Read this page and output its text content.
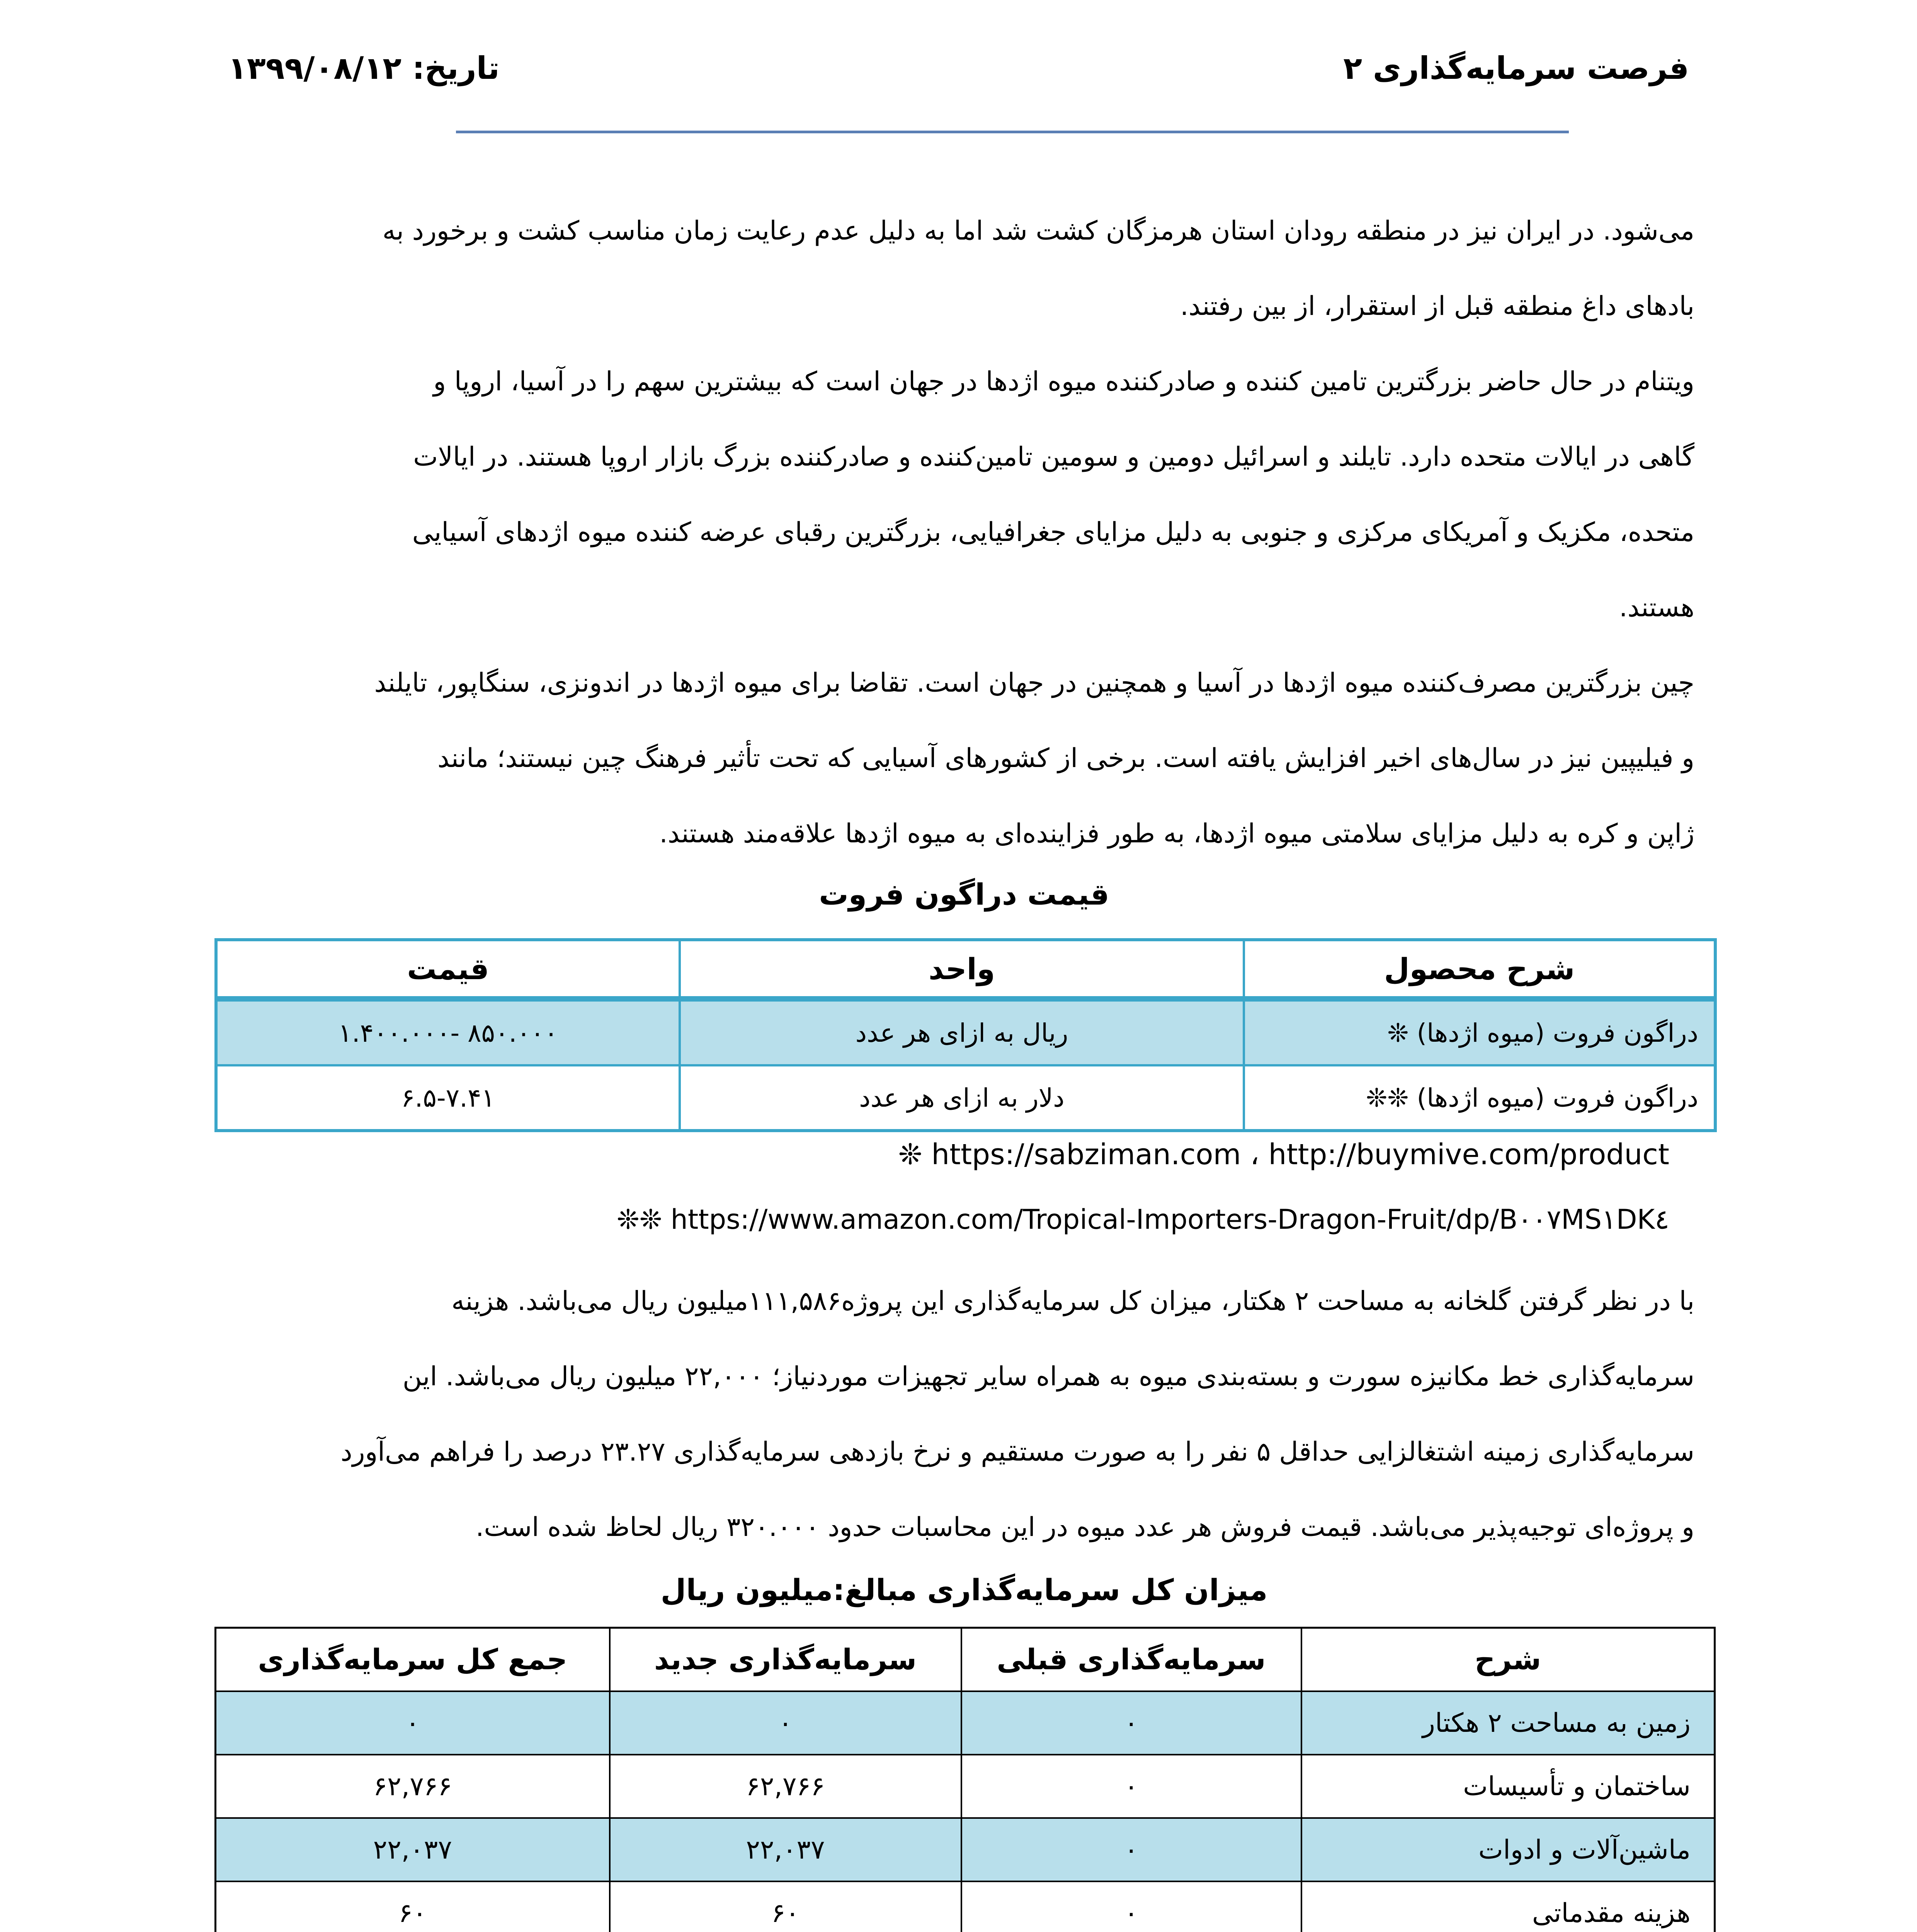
فرصت سرمایه‌گذاری ۲
تاریخ: ۱۳۹۹/۰۸/۱۲
می‌شود. در ایران نیز در منطقه رودان استان هرمزگان کشت شد اما به دلیل عدم رعایت زمان مناسب کشت و برخورد به
بادهای داغ منطقه قبل از استقرار، از بین رفتند.
ویتنام در حال حاضر بزرگترین تامین کننده و صادرکننده میوه اژدها در جهان است که بیشترین سهم را در آسیا، اروپا و
گاهی در ایالات متحده دارد. تایلند و اسرائیل دومین و سومین تامین‌کننده و صادرکننده بزرگ بازار اروپا هستند. در ایالات
متحده، مکزیک و آمریکای مرکزی و جنوبی به دلیل مزایای جغرافیایی، بزرگترین رقبای عرضه کننده میوه اژدهای آسیایی
هستند.
چین بزرگترین مصرف‌کننده میوه اژدها در آسیا و همچنین در جهان است. تقاضا برای میوه اژدها در اندونزی، سنگاپور، تایلند
و فیلیپین نیز در سال‌های اخیر افزایش یافته است. برخی از کشورهای آسیایی که تحت تأثیر فرهنگ چین نیستند؛ مانند
ژاپن و کره به دلیل مزایای سلامتی میوه اژدها، به طور فزاینده‌ای به میوه اژدها علاقه‌مند هستند.
قیمت دراگون فروت
شرح محصول	واحد	قیمت
دراگون فروت (میوه اژدها) ❊	ریال به ازای هر عدد	۸۵۰.۰۰۰ -۱.۴۰۰.۰۰۰
دراگون فروت (میوه اژدها) ❊❊	دلار به ازای هر عدد	۶.۵-۷.۴۱
https://sabziman.com ، http://buymive.com/product ❊
https://www.amazon.com/Tropical-Importers-Dragon-Fruit/dp/B۰۰۷MS۱DK٤ ❊❊
با در نظر گرفتن گلخانه به مساحت ۲ هکتار، میزان کل سرمایه‌گذاری این پروژه۱۱۱,۵۸۶میلیون ریال می‌باشد. هزینه
سرمایه‌گذاری خط مکانیزه سورت و بسته‌بندی میوه به همراه سایر تجهیزات موردنیاز؛ ۲۲,۰۰۰ میلیون ریال می‌باشد. این
سرمایه‌گذاری زمینه اشتغالزایی حداقل ۵ نفر را به صورت مستقیم و نرخ بازدهی سرمایه‌گذاری ۲۳.۲۷ درصد را فراهم می‌آورد
و پروژه‌ای توجیه‌پذیر می‌باشد. قیمت فروش هر عدد میوه در این محاسبات حدود ۳۲۰.۰۰۰ ریال لحاظ شده است.
میزان کل سرمایه‌گذاری مبالغ:میلیون ریال
شرح	سرمایه‌گذاری قبلی	سرمایه‌گذاری جدید	جمع کل سرمایه‌گذاری
زمین به مساحت ۲ هکتار	۰	۰	۰
ساختمان و تأسیسات	۰	۶۲,۷۶۶	۶۲,۷۶۶
ماشین‌آلات و ادوات	۰	۲۲,۰۳۷	۲۲,۰۳۷
هزینه مقدماتی	۰	۶۰	۶۰
